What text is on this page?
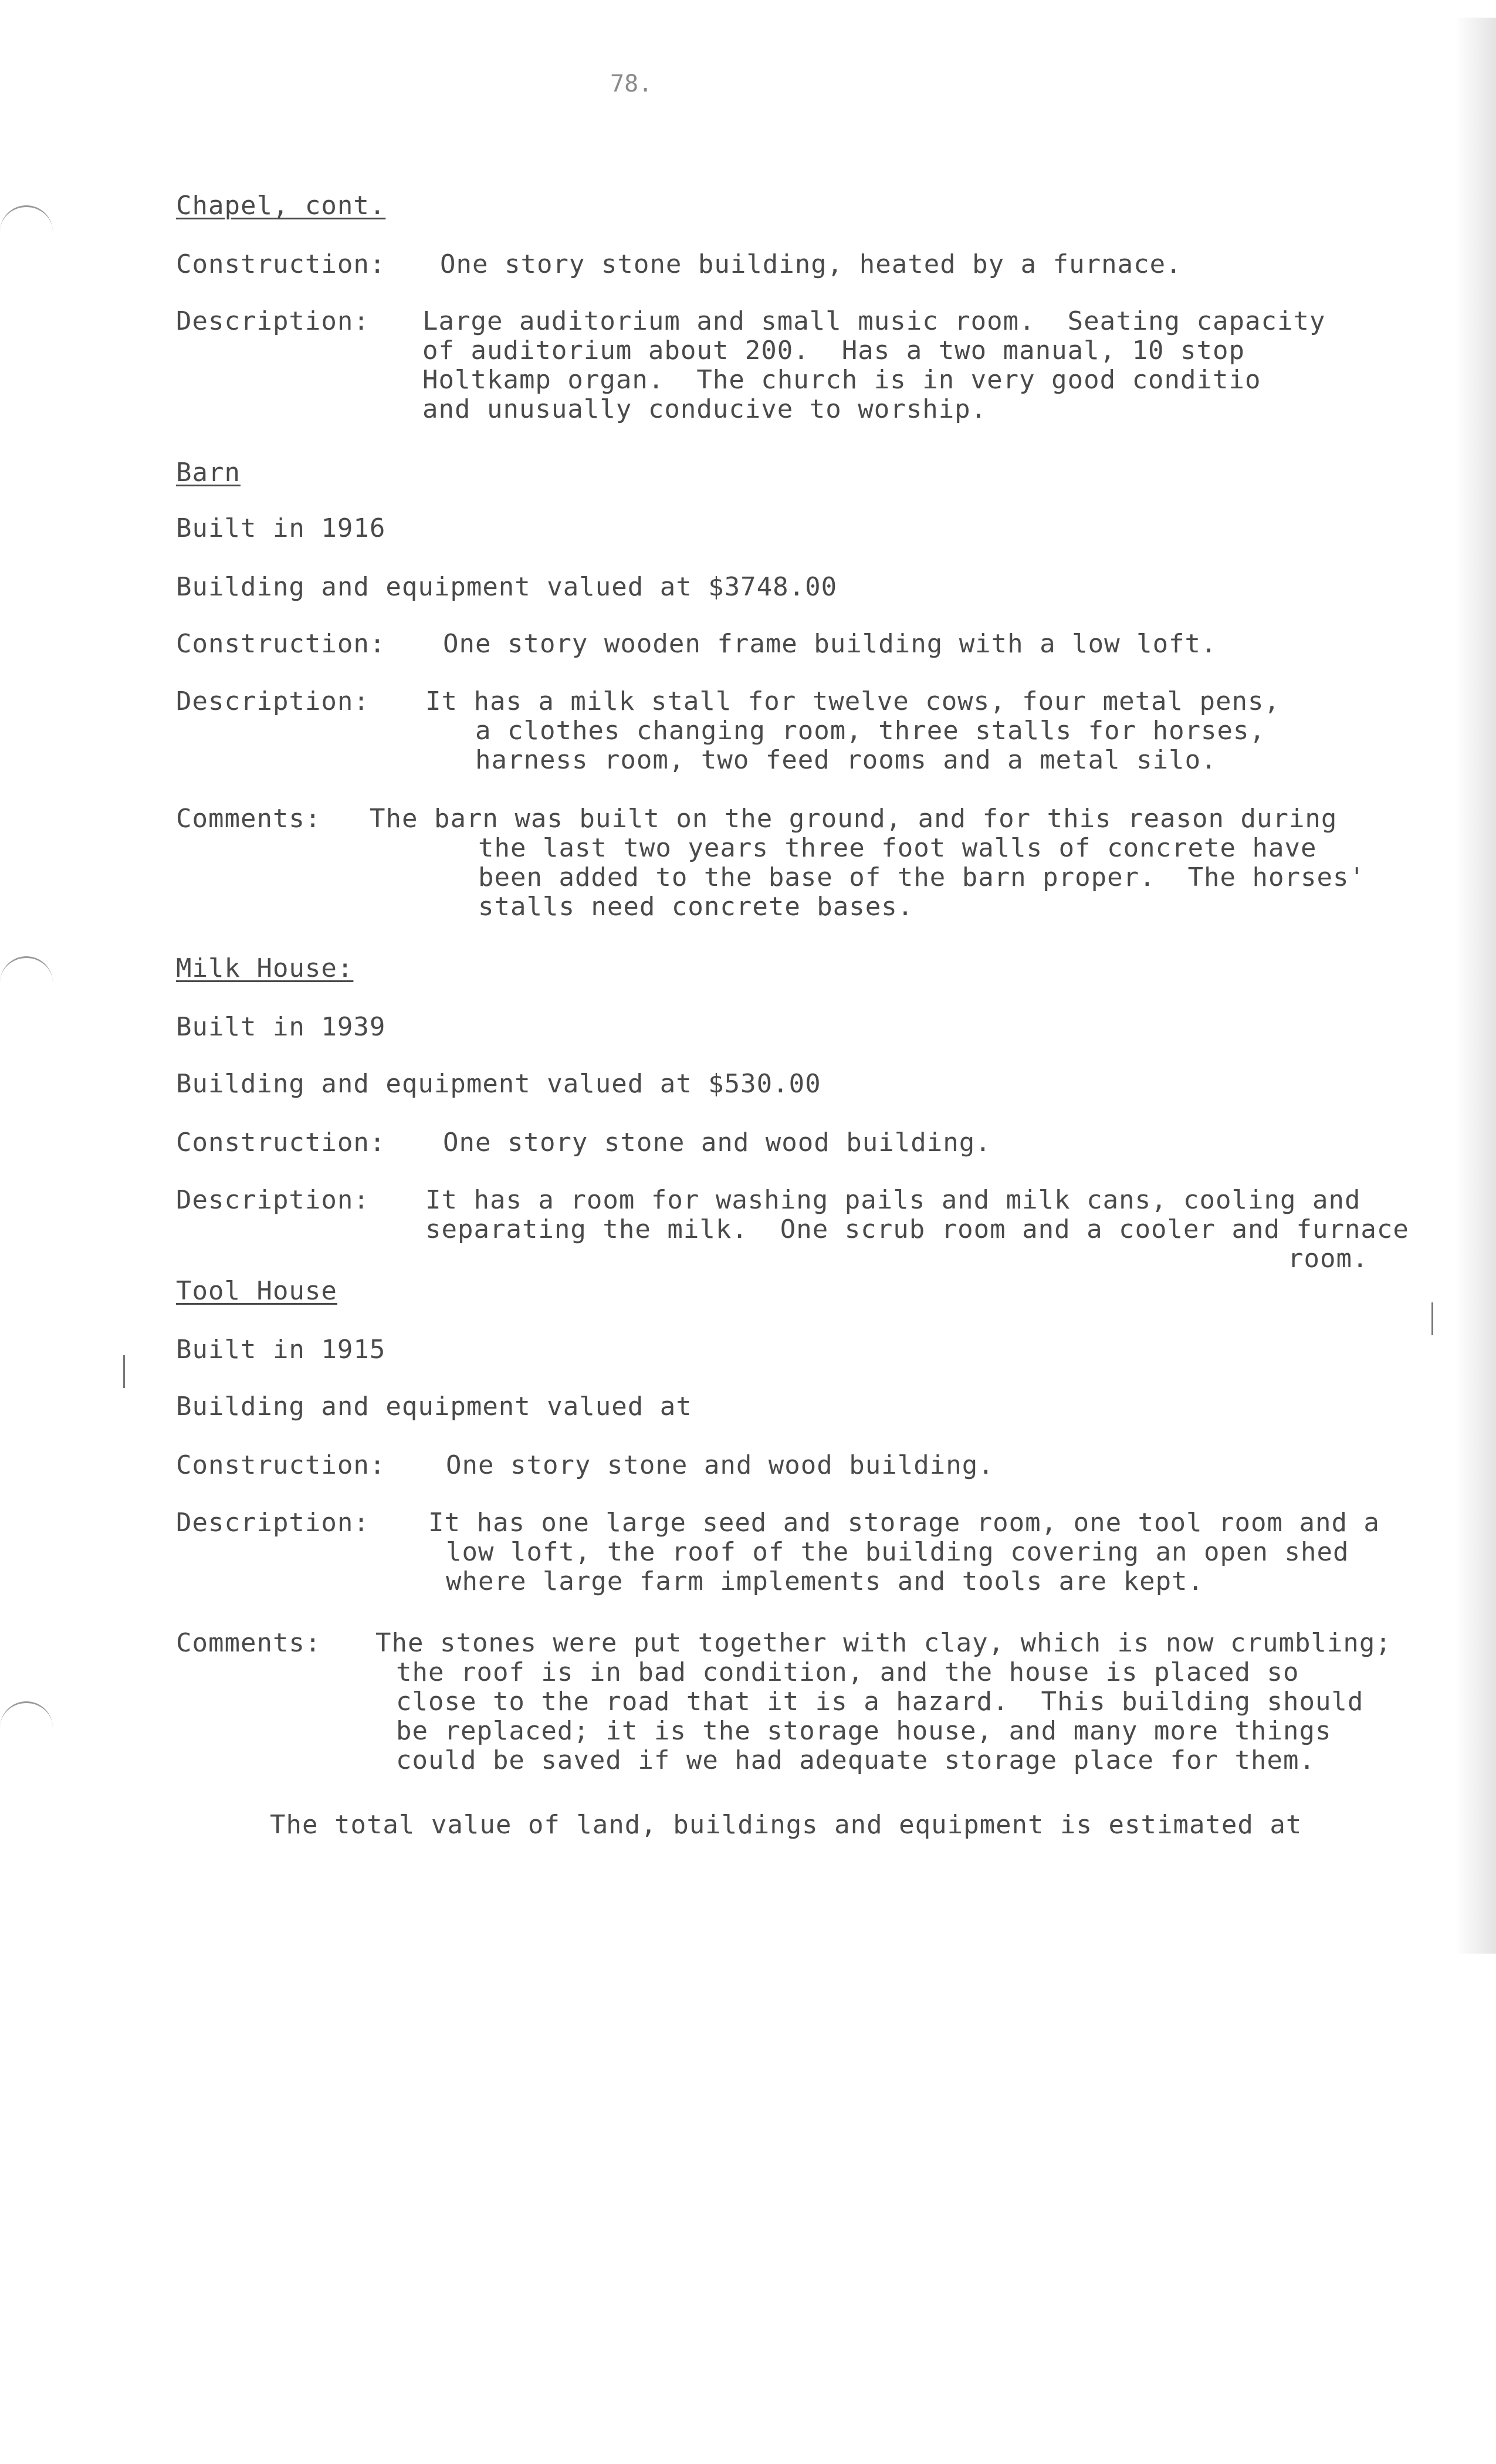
78.
Chapel, cont.
Construction: One story stone building, heated by a furnace.
Description: Large auditorium and small music room.  Seating capacity
of auditorium about 200.  Has a two manual, 10 stop
Holtkamp organ.  The church is in very good conditio
and unusually conducive to worship.
Barn
Built in 1916
Building and equipment valued at $3748.00
Construction: One story wooden frame building with a low loft.
Description: It has a milk stall for twelve cows, four metal pens,
a clothes changing room, three stalls for horses,
harness room, two feed rooms and a metal silo.
Comments: The barn was built on the ground, and for this reason during
the last two years three foot walls of concrete have
been added to the base of the barn proper.  The horses'
stalls need concrete bases.
Milk House:
Built in 1939
Building and equipment valued at $530.00
Construction: One story stone and wood building.
Description: It has a room for washing pails and milk cans, cooling and
separating the milk.  One scrub room and a cooler and furnace
room.
Tool House
Built in 1915
Building and equipment valued at
Construction: One story stone and wood building.
Description: It has one large seed and storage room, one tool room and a
low loft, the roof of the building covering an open shed
where large farm implements and tools are kept.
Comments: The stones were put together with clay, which is now crumbling;
the roof is in bad condition, and the house is placed so
close to the road that it is a hazard.  This building should
be replaced; it is the storage house, and many more things
could be saved if we had adequate storage place for them.
The total value of land, buildings and equipment is estimated at
